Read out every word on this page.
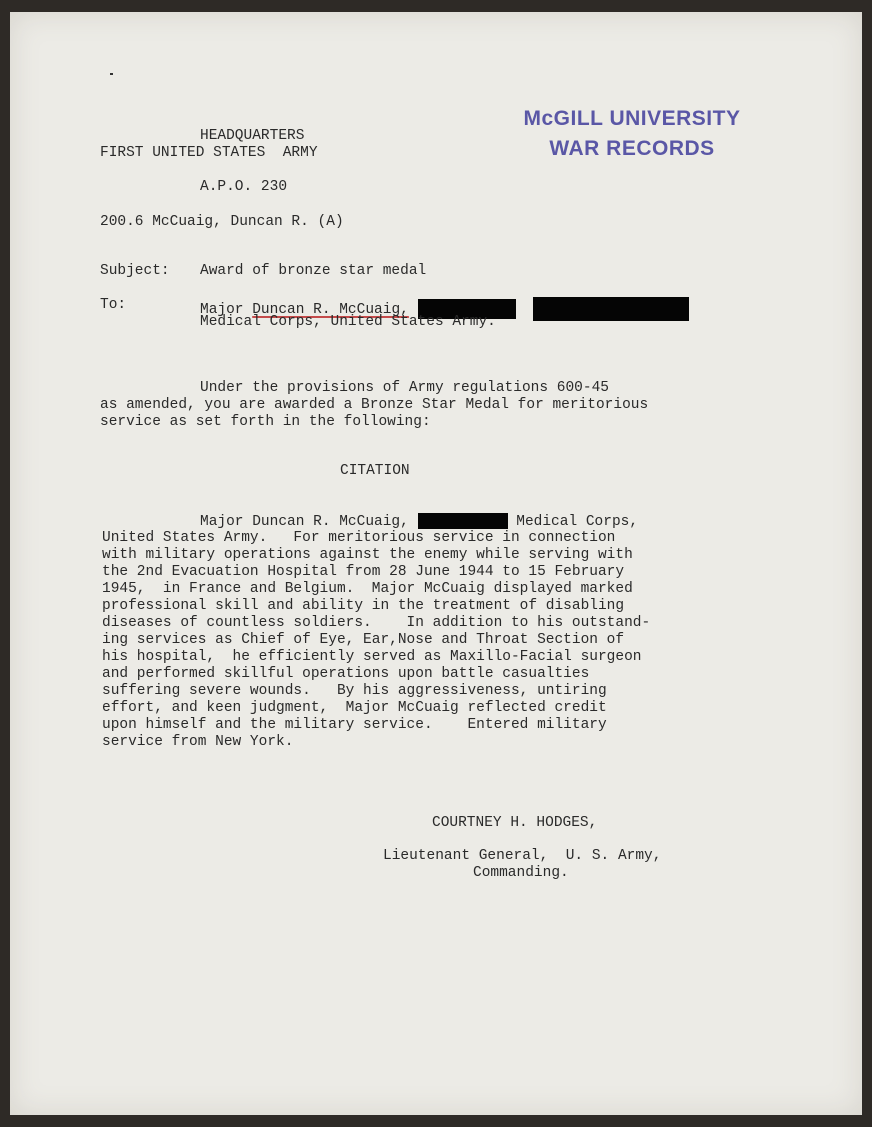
McGILL UNIVERSITY
WAR RECORDS
HEADQUARTERS
FIRST UNITED STATES  ARMY
A.P.O. 230
200.6 McCuaig, Duncan R. (A)
Subject: Award of bronze star medal
To:	Major Duncan R. McCuaig,
Medical Corps, United States Army.
Under the provisions of Army regulations 600-45
as amended, you are awarded a Bronze Star Medal for meritorious
service as set forth in the following:
CITATION
Major Duncan R. McCuaig,	Medical Corps,
United States Army.   For meritorious service in connection
with military operations against the enemy while serving with
the 2nd Evacuation Hospital from 28 June 1944 to 15 February
1945,  in France and Belgium.  Major McCuaig displayed marked
professional skill and ability in the treatment of disabling
diseases of countless soldiers.    In addition to his outstand-
ing services as Chief of Eye, Ear,Nose and Throat Section of
his hospital,  he efficiently served as Maxillo-Facial surgeon
and performed skillful operations upon battle casualties
suffering severe wounds.   By his aggressiveness, untiring
effort, and keen judgment,  Major McCuaig reflected credit
upon himself and the military service.    Entered military
service from New York.
COURTNEY H. HODGES,
Lieutenant General,  U. S. Army,
Commanding.
